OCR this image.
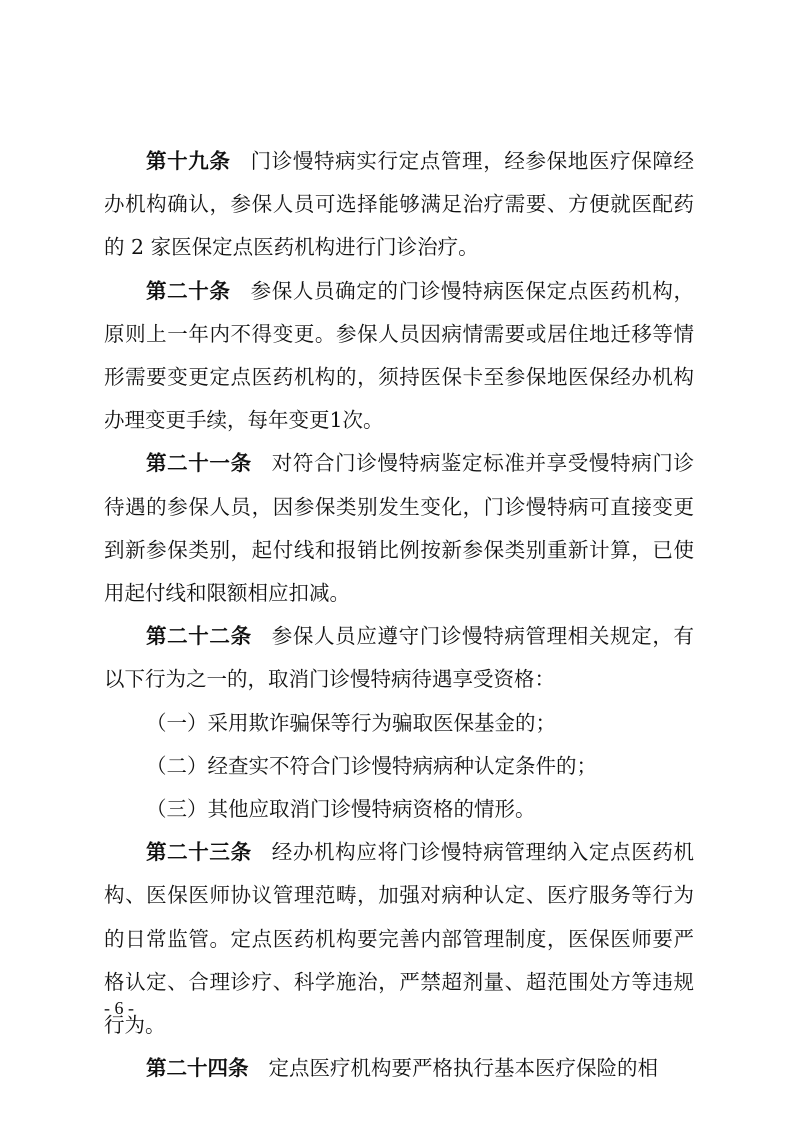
第十九条 门诊慢特病实行定点管理，经参保地医疗保障经办机构确认，参保人员可选择能够满足治疗需要、方便就医配药的 2 家医保定点医药机构进行门诊治疗。

第二十条 参保人员确定的门诊慢特病医保定点医药机构，原则上一年内不得变更。参保人员因病情需要或居住地迁移等情形需要变更定点医药机构的，须持医保卡至参保地医保经办机构办理变更手续，每年变更1次。

第二十一条 对符合门诊慢特病鉴定标准并享受慢特病门诊待遇的参保人员，因参保类别发生变化，门诊慢特病可直接变更到新参保类别，起付线和报销比例按新参保类别重新计算，已使用起付线和限额相应扣减。

第二十二条 参保人员应遵守门诊慢特病管理相关规定，有以下行为之一的，取消门诊慢特病待遇享受资格：

（一）采用欺诈骗保等行为骗取医保基金的；

（二）经查实不符合门诊慢特病病种认定条件的；

（三）其他应取消门诊慢特病资格的情形。

第二十三条 经办机构应将门诊慢特病管理纳入定点医药机构、医保医师协议管理范畴，加强对病种认定、医疗服务等行为的日常监管。定点医药机构要完善内部管理制度，医保医师要严格认定、合理诊疗、科学施治，严禁超剂量、超范围处方等违规行为。

第二十四条 定点医疗机构要严格执行基本医疗保险的相

- 6 -
